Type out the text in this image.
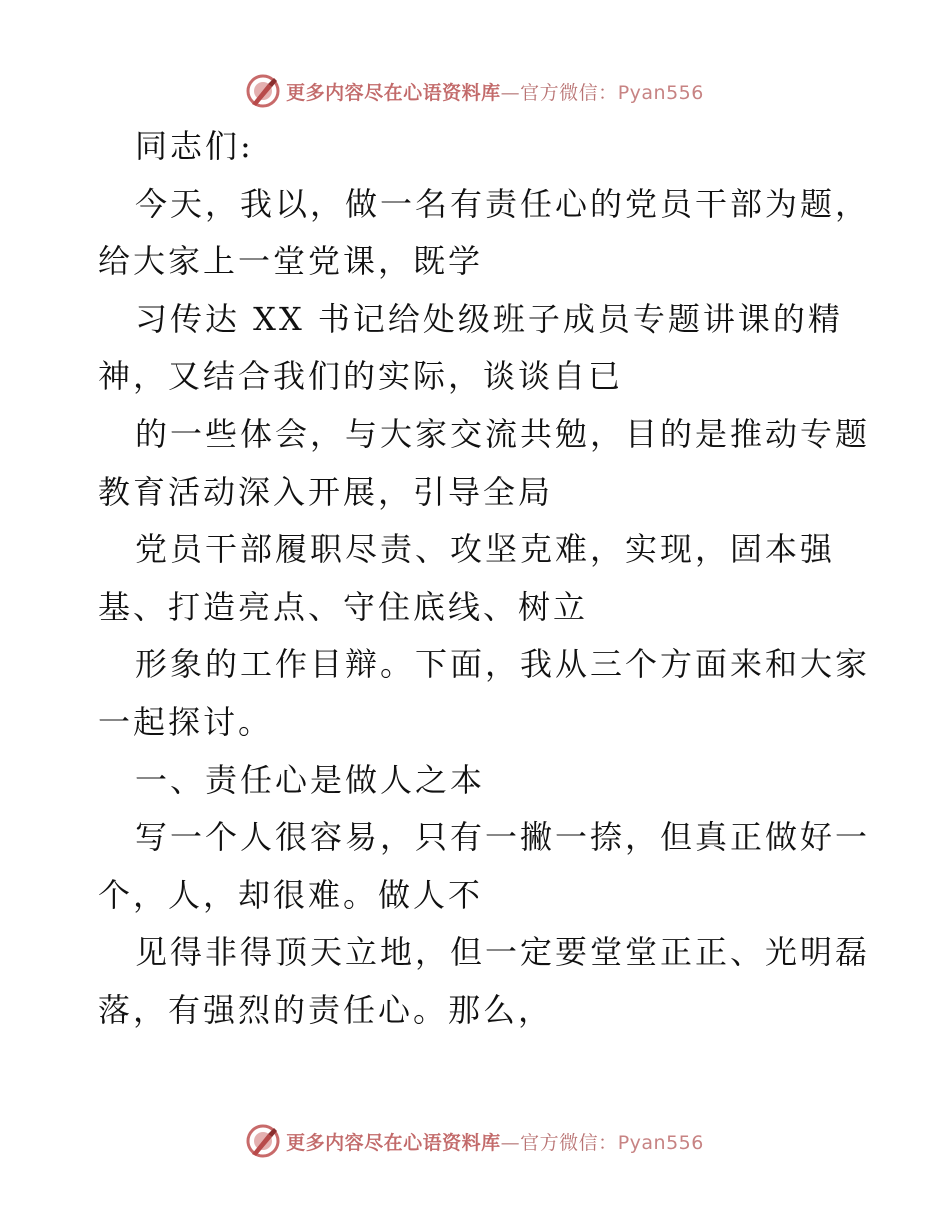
更多内容尽在心语资料库—官方微信：Pyan556
同志们:
今天，我以，做一名有责任心的党员干部为题，
给大家上一堂党课，既学
习传达 XX 书记给处级班子成员专题讲课的精
神，又结合我们的实际，谈谈自已
的一些体会，与大家交流共勉，目的是推动专题
教育活动深入开展，引导全局
党员干部履职尽责、攻坚克难，实现，固本强
基、打造亮点、守住底线、树立
形象的工作目辩。下面，我从三个方面来和大家
一起探讨。
一、责任心是做人之本
写一个人很容易，只有一撇一捺，但真正做好一
个，人，却很难。做人不
见得非得顶天立地，但一定要堂堂正正、光明磊
落，有强烈的责任心。那么，
更多内容尽在心语资料库—官方微信：Pyan556
